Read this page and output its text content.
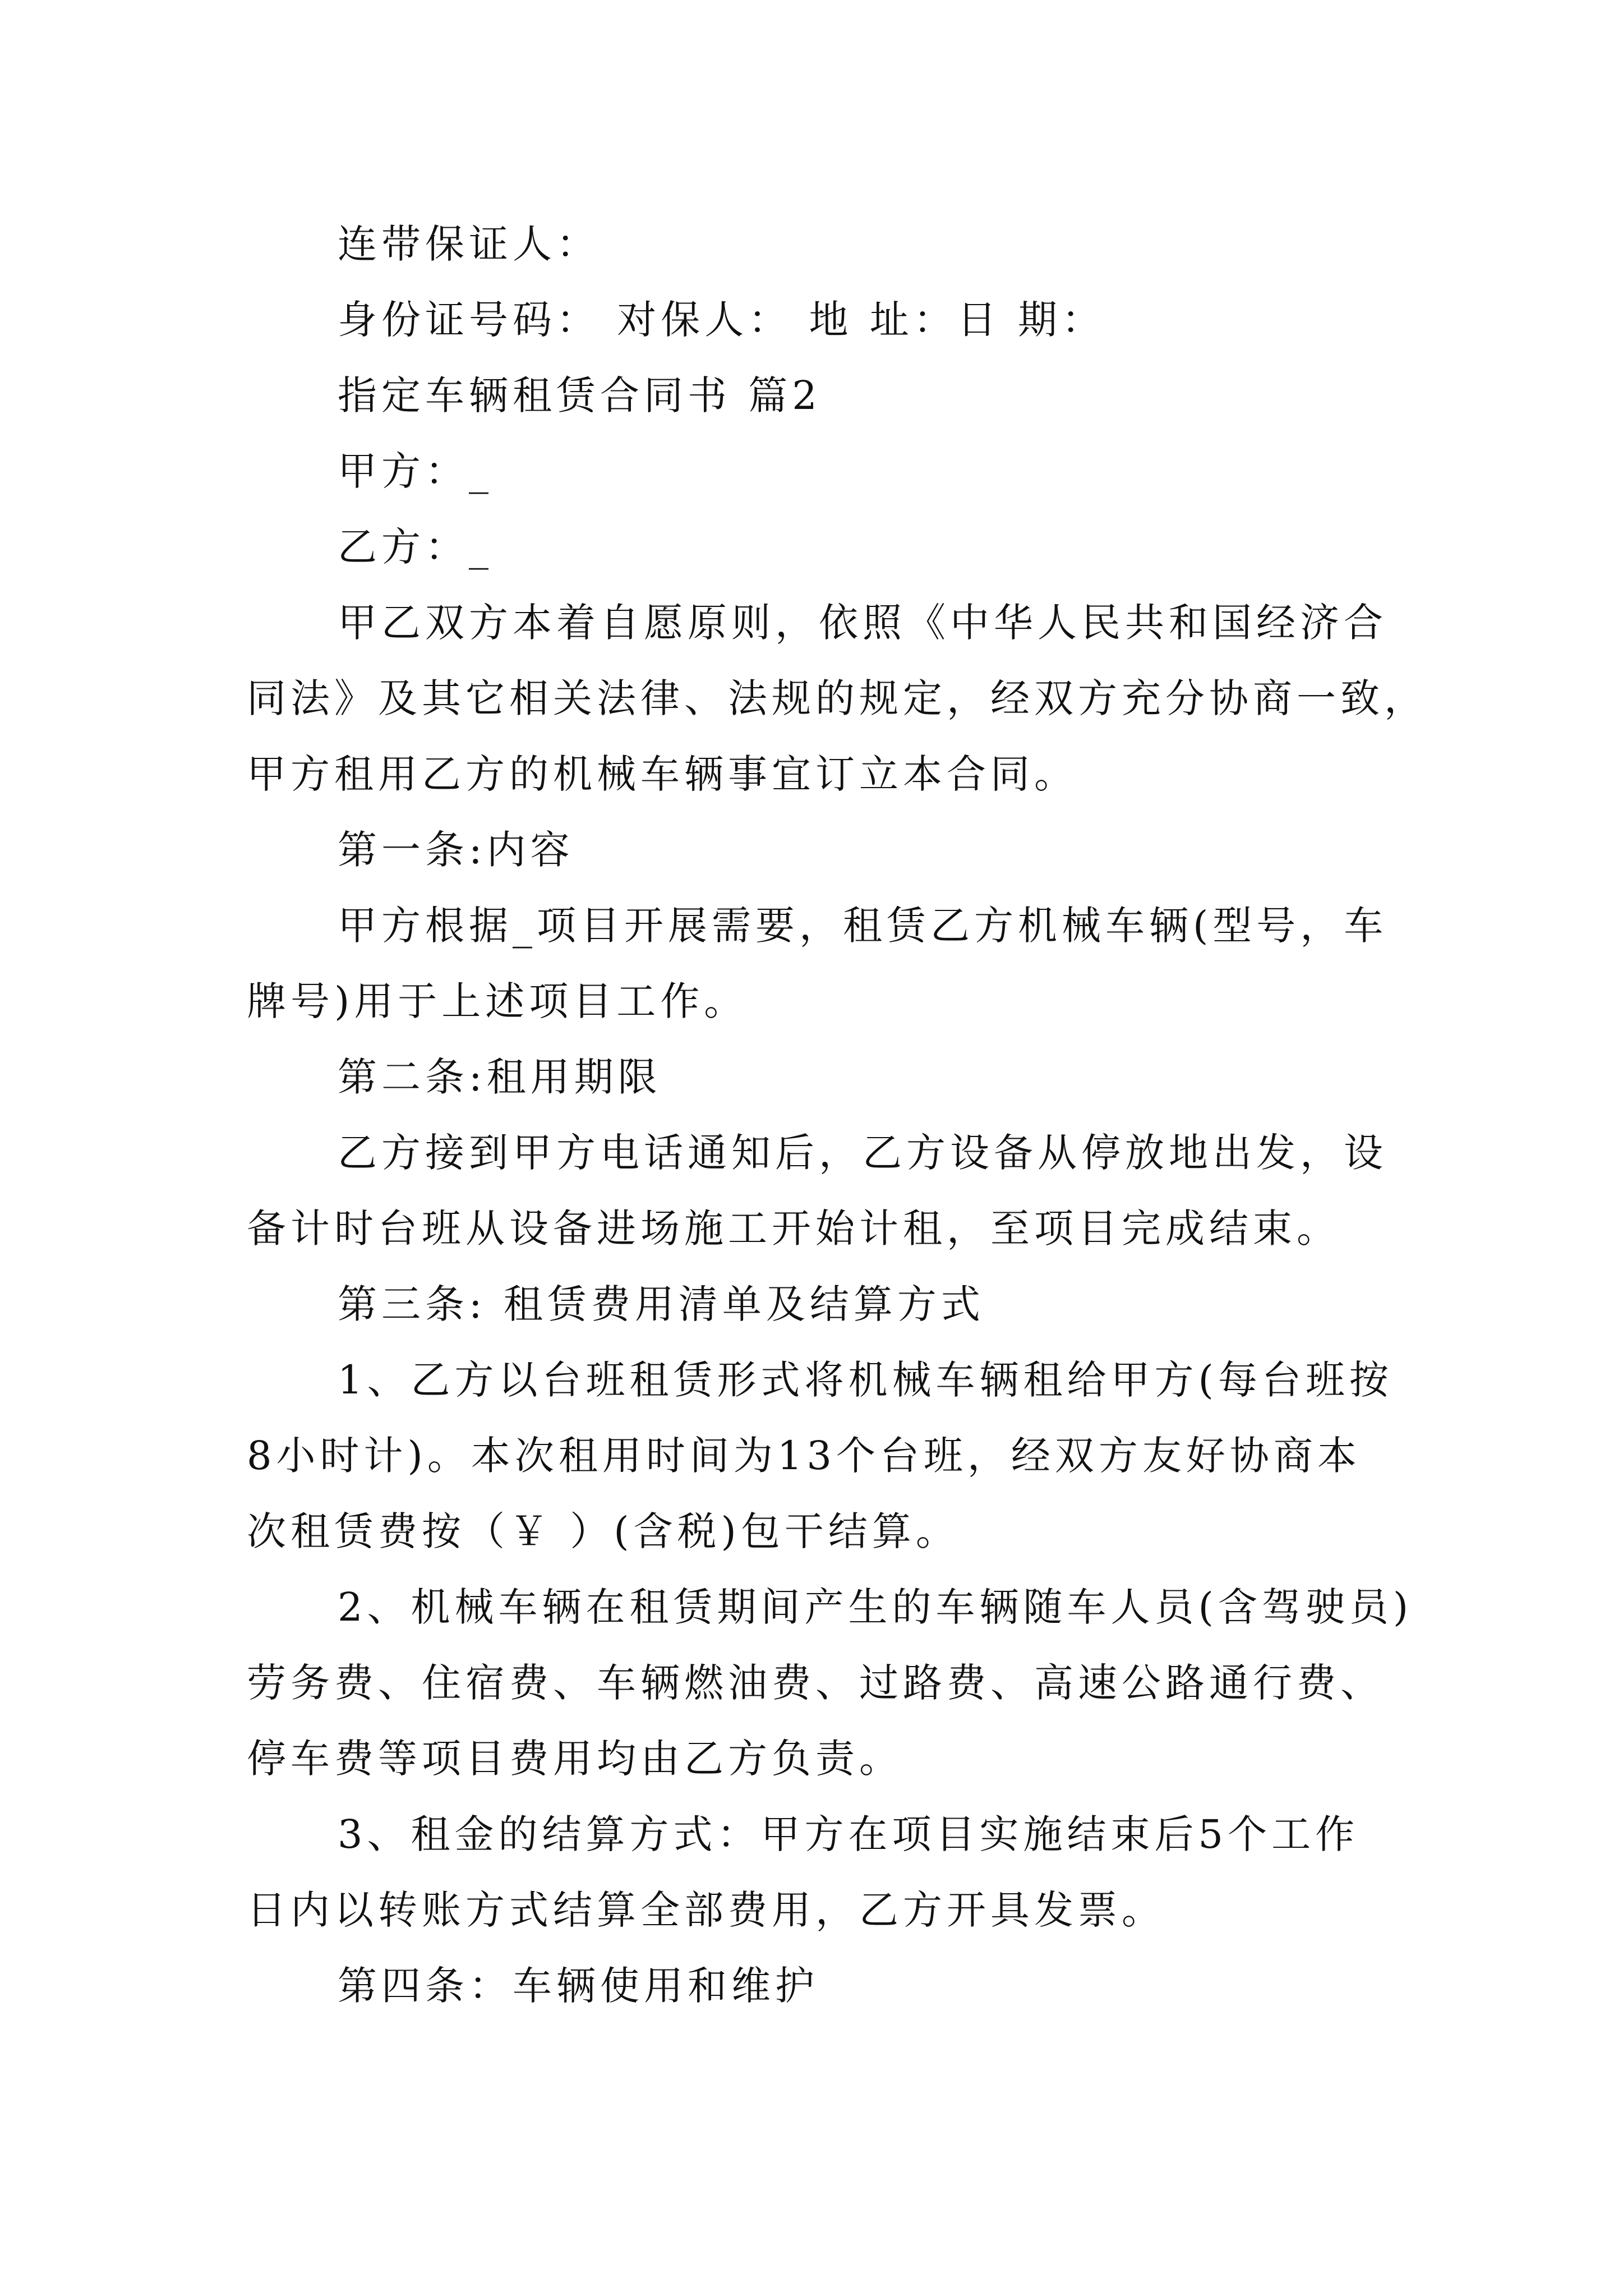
连带保证人：

身份证号码： 对保人： 地 址：日 期：

指定车辆租赁合同书 篇2

甲方：_

乙方：_

甲乙双方本着自愿原则，依照《中华人民共和国经济合

同法》及其它相关法律、法规的规定，经双方充分协商一致，

甲方租用乙方的机械车辆事宜订立本合同。

第一条:内容

甲方根据_项目开展需要，租赁乙方机械车辆(型号，车

牌号)用于上述项目工作。

第二条:租用期限

乙方接到甲方电话通知后，乙方设备从停放地出发，设

备计时台班从设备进场施工开始计租，至项目完成结束。

第三条: 租赁费用清单及结算方式

1、乙方以台班租赁形式将机械车辆租给甲方(每台班按

8小时计)。本次租用时间为13个台班，经双方友好协商本

次租赁费按（￥ ）(含税)包干结算。

2、机械车辆在租赁期间产生的车辆随车人员(含驾驶员)

劳务费、住宿费、车辆燃油费、过路费、高速公路通行费、

停车费等项目费用均由乙方负责。

3、租金的结算方式：甲方在项目实施结束后5个工作

日内以转账方式结算全部费用，乙方开具发票。

第四条：车辆使用和维护
